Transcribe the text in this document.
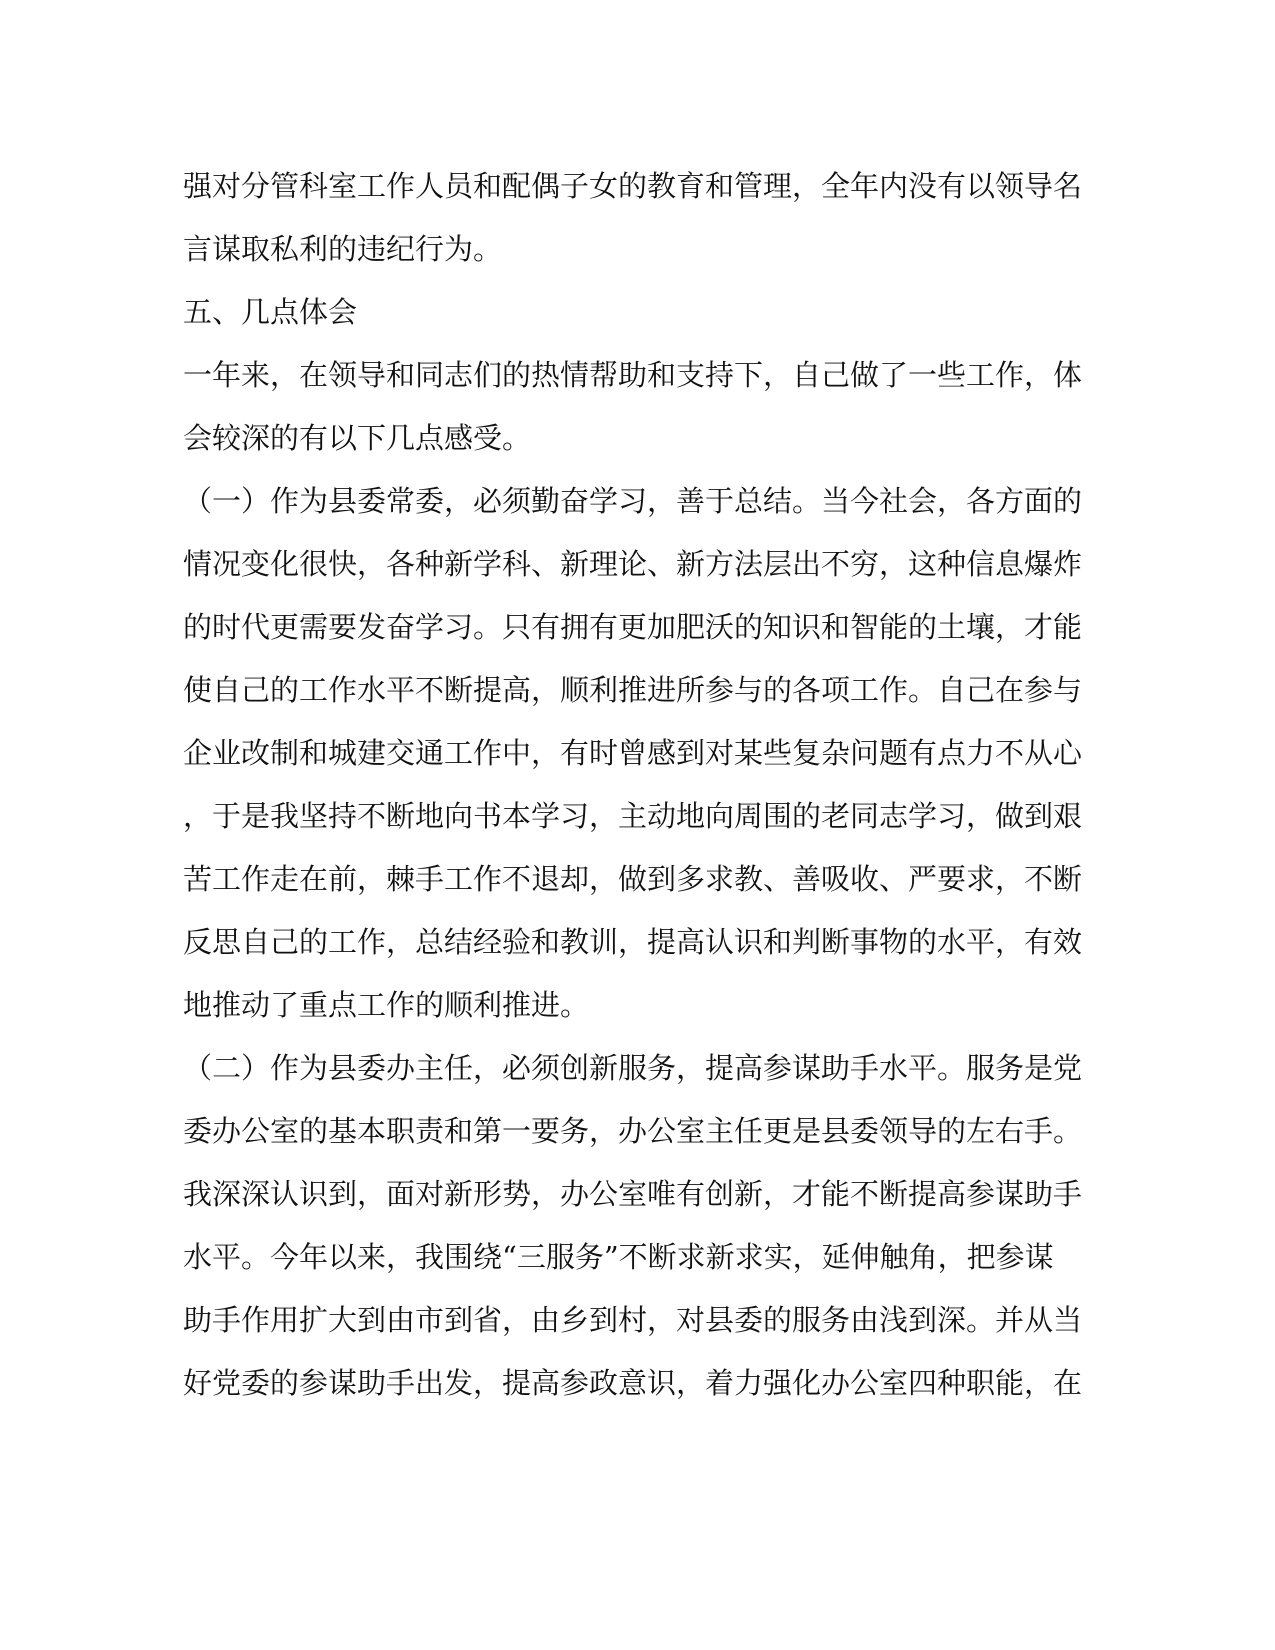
强对分管科室工作人员和配偶子女的教育和管理，全年内没有以领导名
言谋取私利的违纪行为。
五、几点体会
一年来，在领导和同志们的热情帮助和支持下，自己做了一些工作，体
会较深的有以下几点感受。
（一）作为县委常委，必须勤奋学习，善于总结。当今社会，各方面的
情况变化很快，各种新学科、新理论、新方法层出不穷，这种信息爆炸
的时代更需要发奋学习。只有拥有更加肥沃的知识和智能的土壤，才能
使自己的工作水平不断提高，顺利推进所参与的各项工作。自己在参与
企业改制和城建交通工作中，有时曾感到对某些复杂问题有点力不从心
，于是我坚持不断地向书本学习，主动地向周围的老同志学习，做到艰
苦工作走在前，棘手工作不退却，做到多求教、善吸收、严要求，不断
反思自己的工作，总结经验和教训，提高认识和判断事物的水平，有效
地推动了重点工作的顺利推进。
（二）作为县委办主任，必须创新服务，提高参谋助手水平。服务是党
委办公室的基本职责和第一要务，办公室主任更是县委领导的左右手。
我深深认识到，面对新形势，办公室唯有创新，才能不断提高参谋助手
水平。今年以来，我围绕“三服务”不断求新求实，延伸触角，把参谋
助手作用扩大到由市到省，由乡到村，对县委的服务由浅到深。并从当
好党委的参谋助手出发，提高参政意识，着力强化办公室四种职能，在
